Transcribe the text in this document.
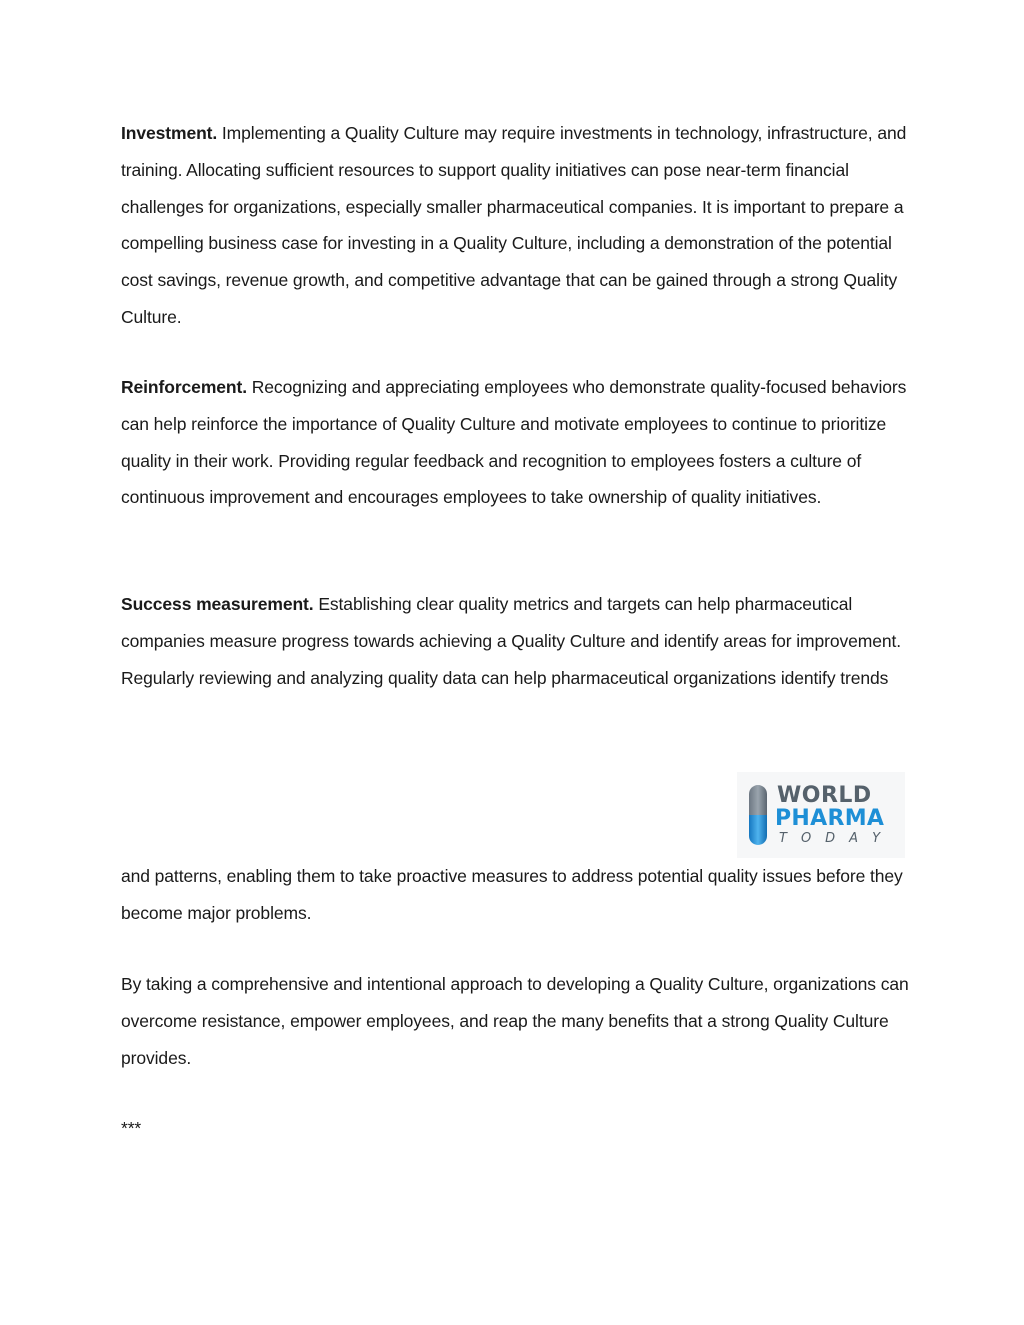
Investment. Implementing a Quality Culture may require investments in technology, infrastructure, and training. Allocating sufficient resources to support quality initiatives can pose near-term financial challenges for organizations, especially smaller pharmaceutical companies. It is important to prepare a compelling business case for investing in a Quality Culture, including a demonstration of the potential cost savings, revenue growth, and competitive advantage that can be gained through a strong Quality Culture.

Reinforcement. Recognizing and appreciating employees who demonstrate quality-focused behaviors can help reinforce the importance of Quality Culture and motivate employees to continue to prioritize quality in their work. Providing regular feedback and recognition to employees fosters a culture of continuous improvement and encourages employees to take ownership of quality initiatives.

Success measurement. Establishing clear quality metrics and targets can help pharmaceutical companies measure progress towards achieving a Quality Culture and identify areas for improvement. Regularly reviewing and analyzing quality data can help pharmaceutical organizations identify trends

WORLD
PHARMA
TODAY

and patterns, enabling them to take proactive measures to address potential quality issues before they become major problems.

By taking a comprehensive and intentional approach to developing a Quality Culture, organizations can overcome resistance, empower employees, and reap the many benefits that a strong Quality Culture provides.

***
